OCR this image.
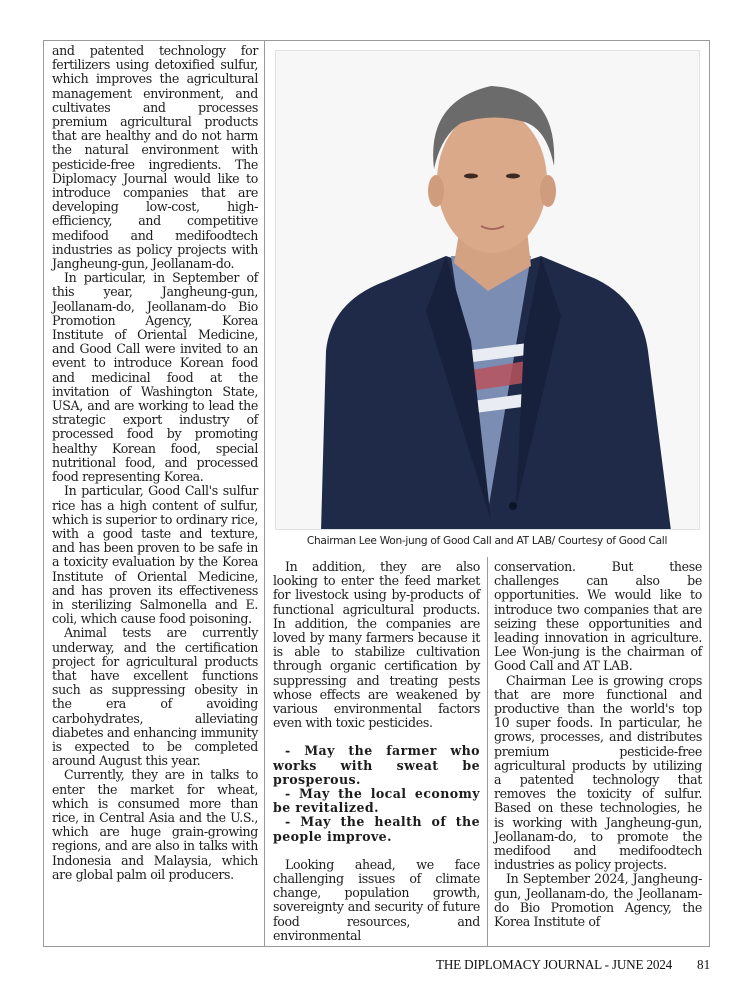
and patented technology for fertilizers using detoxified sulfur, which improves the agricultural management environment, and cultivates and processes premium agricultural products that are healthy and do not harm the natural environment with pesticide-free ingredients. The Diplomacy Journal would like to introduce companies that are developing low-cost, high-efficiency, and competitive medifood and medifoodtech industries as policy projects with Jangheung-gun, Jeollanam-do.

In particular, in September of this year, Jangheung-gun, Jeollanam-do, Jeollanam-do Bio Promotion Agency, Korea Institute of Oriental Medicine, and Good Call were invited to an event to introduce Korean food and medicinal food at the invitation of Washington State, USA, and are working to lead the strategic export industry of processed food by promoting healthy Korean food, special nutritional food, and processed food representing Korea.

In particular, Good Call's sulfur rice has a high content of sulfur, which is superior to ordinary rice, with a good taste and texture, and has been proven to be safe in a toxicity evaluation by the Korea Institute of Oriental Medicine, and has proven its effectiveness in sterilizing Salmonella and E. coli, which cause food poisoning.

Animal tests are currently underway, and the certification project for agricultural products that have excellent functions such as suppressing obesity in the era of avoiding carbohydrates, alleviating diabetes and enhancing immunity is expected to be completed around August this year.

Currently, they are in talks to enter the market for wheat, which is consumed more than rice, in Central Asia and the U.S., which are huge grain-growing regions, and are also in talks with Indonesia and Malaysia, which are global palm oil producers.

Chairman Lee Won-jung of Good Call and AT LAB/ Courtesy of Good Call

In addition, they are also looking to enter the feed market for livestock using by-products of functional agricultural products. In addition, the companies are loved by many farmers because it is able to stabilize cultivation through organic certification by suppressing and treating pests whose effects are weakened by various environmental factors even with toxic pesticides.

- May the farmer who works with sweat be prosperous.

- May the local economy be revitalized.

- May the health of the people improve.

Looking ahead, we face challenging issues of climate change, population growth, sovereignty and security of future food resources, and environmental

conservation. But these challenges can also be opportunities. We would like to introduce two companies that are seizing these opportunities and leading innovation in agriculture. Lee Won-jung is the chairman of Good Call and AT LAB.

Chairman Lee is growing crops that are more functional and productive than the world's top 10 super foods. In particular, he grows, processes, and distributes premium pesticide-free agricultural products by utilizing a patented technology that removes the toxicity of sulfur. Based on these technologies, he is working with Jangheung-gun, Jeollanam-do, to promote the medifood and medifoodtech industries as policy projects.

In September 2024, Jangheung-gun, Jeollanam-do, the Jeollanam-do Bio Promotion Agency, the Korea Institute of

THE DIPLOMACY JOURNAL - JUNE 2024 81
